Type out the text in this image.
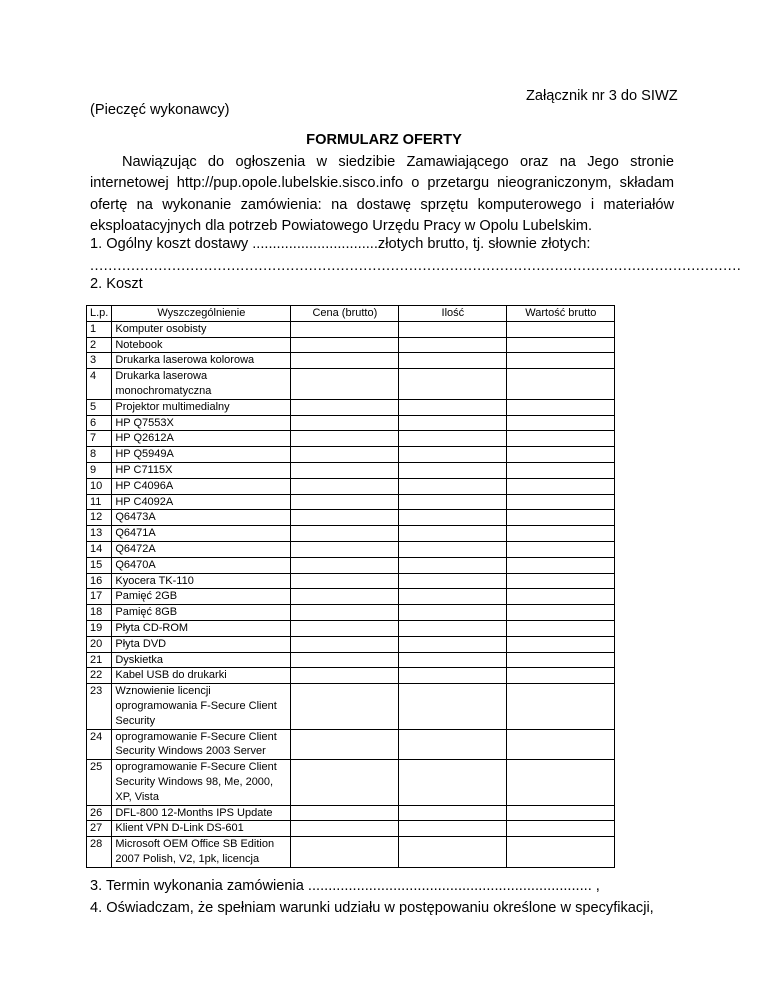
Załącznik nr 3 do SIWZ
(Pieczęć wykonawcy)
FORMULARZ OFERTY
Nawiązując do ogłoszenia w siedzibie Zamawiającego oraz na Jego stronie internetowej http://pup.opole.lubelskie.sisco.info o przetargu nieograniczonym, składam ofertę na wykonanie zamówienia: na dostawę sprzętu komputerowego i materiałów eksploatacyjnych dla potrzeb Powiatowego Urzędu Pracy w Opolu Lubelskim.
1. Ogólny koszt dostawy ...............................złotych brutto, tj. słownie złotych:
...............................................................................................................................................
2. Koszt
L.p.	Wyszczególnienie	Cena (brutto)	Ilość	Wartość brutto
1	Komputer osobisty			
2	Notebook			
3	Drukarka laserowa kolorowa			
4	Drukarka laserowa monochromatyczna			
5	Projektor multimedialny			
6	HP Q7553X			
7	HP Q2612A			
8	HP Q5949A			
9	HP C7115X			
10	HP C4096A			
11	HP C4092A			
12	Q6473A			
13	Q6471A			
14	Q6472A			
15	Q6470A			
16	Kyocera TK-110			
17	Pamięć 2GB			
18	Pamięć 8GB			
19	Płyta CD-ROM			
20	Płyta DVD			
21	Dyskietka			
22	Kabel USB do drukarki			
23	Wznowienie licencji oprogramowania F-Secure Client Security			
24	oprogramowanie F-Secure Client Security Windows 2003 Server			
25	oprogramowanie F-Secure Client Security Windows 98, Me, 2000, XP, Vista			
26	DFL-800 12-Months IPS Update			
27	Klient VPN D-Link DS-601			
28	Microsoft OEM Office SB Edition 2007 Polish, V2, 1pk, licencja			
3. Termin wykonania zamówienia ...................................................................... ,
4. Oświadczam, że spełniam warunki udziału w postępowaniu określone w specyfikacji,
